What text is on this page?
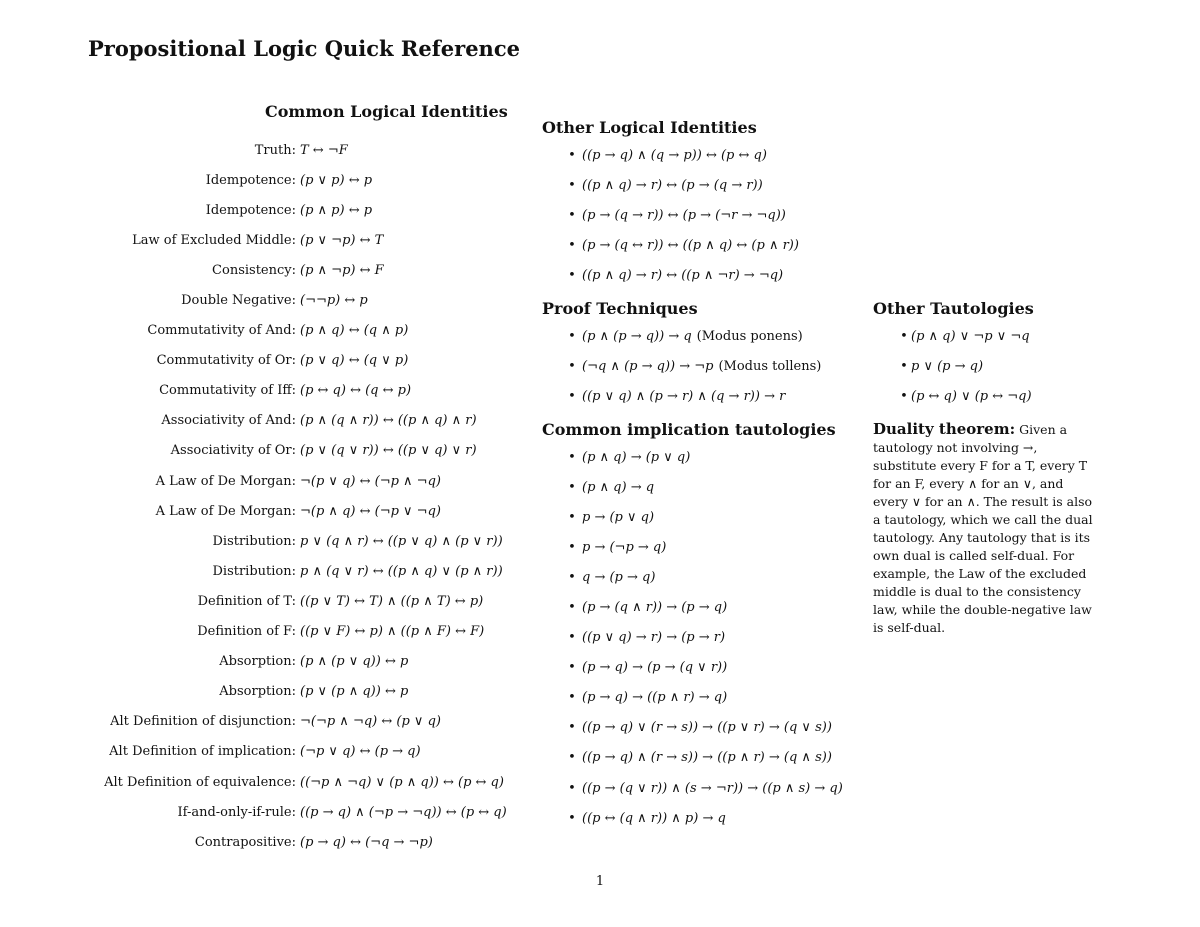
Propositional Logic Quick Reference
Common Logical Identities
Truth: T ↔ ¬F
Idempotence: (p ∨ p) ↔ p
Idempotence: (p ∧ p) ↔ p
Law of Excluded Middle: (p ∨ ¬p) ↔ T
Consistency: (p ∧ ¬p) ↔ F
Double Negative: (¬¬p) ↔ p
Commutativity of And: (p ∧ q) ↔ (q ∧ p)
Commutativity of Or: (p ∨ q) ↔ (q ∨ p)
Commutativity of Iff: (p ↔ q) ↔ (q ↔ p)
Associativity of And: (p ∧ (q ∧ r)) ↔ ((p ∧ q) ∧ r)
Associativity of Or: (p ∨ (q ∨ r)) ↔ ((p ∨ q) ∨ r)
A Law of De Morgan: ¬(p ∨ q) ↔ (¬p ∧ ¬q)
A Law of De Morgan: ¬(p ∧ q) ↔ (¬p ∨ ¬q)
Distribution: p ∨ (q ∧ r) ↔ ((p ∨ q) ∧ (p ∨ r))
Distribution: p ∧ (q ∨ r) ↔ ((p ∧ q) ∨ (p ∧ r))
Definition of T: ((p ∨ T) ↔ T) ∧ ((p ∧ T) ↔ p)
Definition of F: ((p ∨ F) ↔ p) ∧ ((p ∧ F) ↔ F)
Absorption: (p ∧ (p ∨ q)) ↔ p
Absorption: (p ∨ (p ∧ q)) ↔ p
Alt Definition of disjunction: ¬(¬p ∧ ¬q) ↔ (p ∨ q)
Alt Definition of implication: (¬p ∨ q) ↔ (p → q)
Alt Definition of equivalence: ((¬p ∧ ¬q) ∨ (p ∧ q)) ↔ (p ↔ q)
If-and-only-if-rule: ((p → q) ∧ (¬p → ¬q)) ↔ (p ↔ q)
Contrapositive: (p → q) ↔ (¬q → ¬p)
Other Logical Identities
• ((p → q) ∧ (q → p)) ↔ (p ↔ q)
• ((p ∧ q) → r) ↔ (p → (q → r))
• (p → (q → r)) ↔ (p → (¬r → ¬q))
• (p → (q ↔ r)) ↔ ((p ∧ q) ↔ (p ∧ r))
• ((p ∧ q) → r) ↔ ((p ∧ ¬r) → ¬q)
Proof Techniques
• (p ∧ (p → q)) → q (Modus ponens)
• (¬q ∧ (p → q)) → ¬p (Modus tollens)
• ((p ∨ q) ∧ (p → r) ∧ (q → r)) → r
Common implication tautologies
• (p ∧ q) → (p ∨ q)
• (p ∧ q) → q
• p → (p ∨ q)
• p → (¬p → q)
• q → (p → q)
• (p → (q ∧ r)) → (p → q)
• ((p ∨ q) → r) → (p → r)
• (p → q) → (p → (q ∨ r))
• (p → q) → ((p ∧ r) → q)
• ((p → q) ∨ (r → s)) → ((p ∨ r) → (q ∨ s))
• ((p → q) ∧ (r → s)) → ((p ∧ r) → (q ∧ s))
• ((p → (q ∨ r)) ∧ (s → ¬r)) → ((p ∧ s) → q)
• ((p ↔ (q ∧ r)) ∧ p) → q
Other Tautologies
• (p ∧ q) ∨ ¬p ∨ ¬q
• p ∨ (p → q)
• (p ↔ q) ∨ (p ↔ ¬q)

Duality theorem: Given a tautology not involving →, substitute every F for a T, every T for an F, every ∧ for an ∨, and every ∨ for an ∧. The result is also a tautology, which we call the dual tautology. Any tautology that is its own dual is called self-dual. For example, the Law of the excluded middle is dual to the consistency law, while the double-negative law is self-dual.

1
